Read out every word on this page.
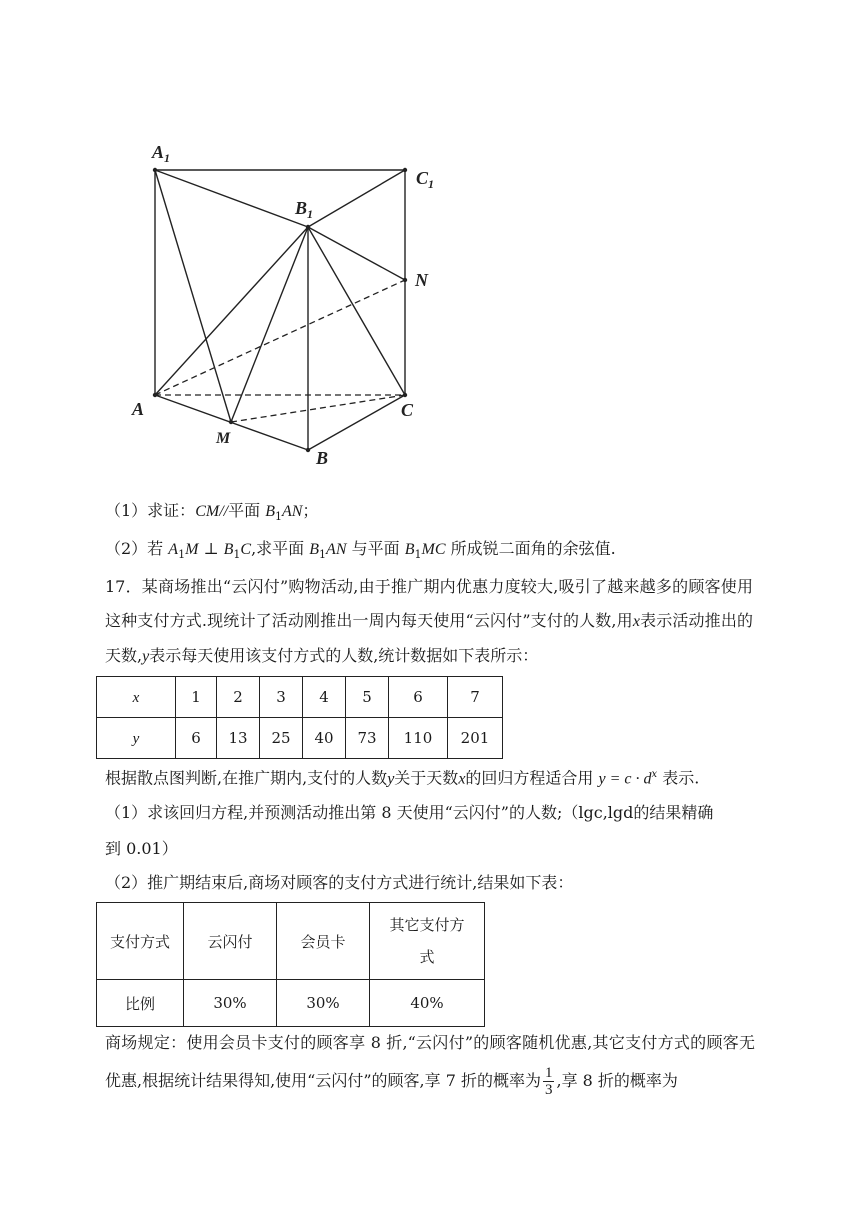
$A_1$
$C_1$
$B_1$
N
A	C
M
B
（1）求证：CM//平面 $B_1AN$；
（2）若 $A_1M$ ⊥ $B_1C$,求平面 $B_1AN$ 与平面 $B_1MC$ 所成锐二面角的余弦值.
17．某商场推出“云闪付”购物活动,由于推广期内优惠力度较大,吸引了越来越多的顾客使用这种支付方式.现统计了活动刚推出一周内每天使用“云闪付”支付的人数,用x表示活动推出的天数,y表示每天使用该支付方式的人数,统计数据如下表所示：
x	1	2	3	4	5	6	7
y	6	13	25	40	73	110	201
根据散点图判断,在推广期内,支付的人数y关于天数x的回归方程适合用 $y = c \cdot d^x$ 表示.
（1）求该回归方程,并预测活动推出第 8 天使用“云闪付”的人数;（lgc,lgd的结果精确
到 0.01）
（2）推广期结束后,商场对顾客的支付方式进行统计,结果如下表：
支付方式	云闪付	会员卡	其它支付方
式
比例	30%	30%	40%
商场规定：使用会员卡支付的顾客享 8 折,“云闪付”的顾客随机优惠,其它支付方式的顾客无优惠,根据统计结果得知,使用“云闪付”的顾客,享 7 折的概率为 $\frac{1}{3}$ ,享 8 折的概率为
